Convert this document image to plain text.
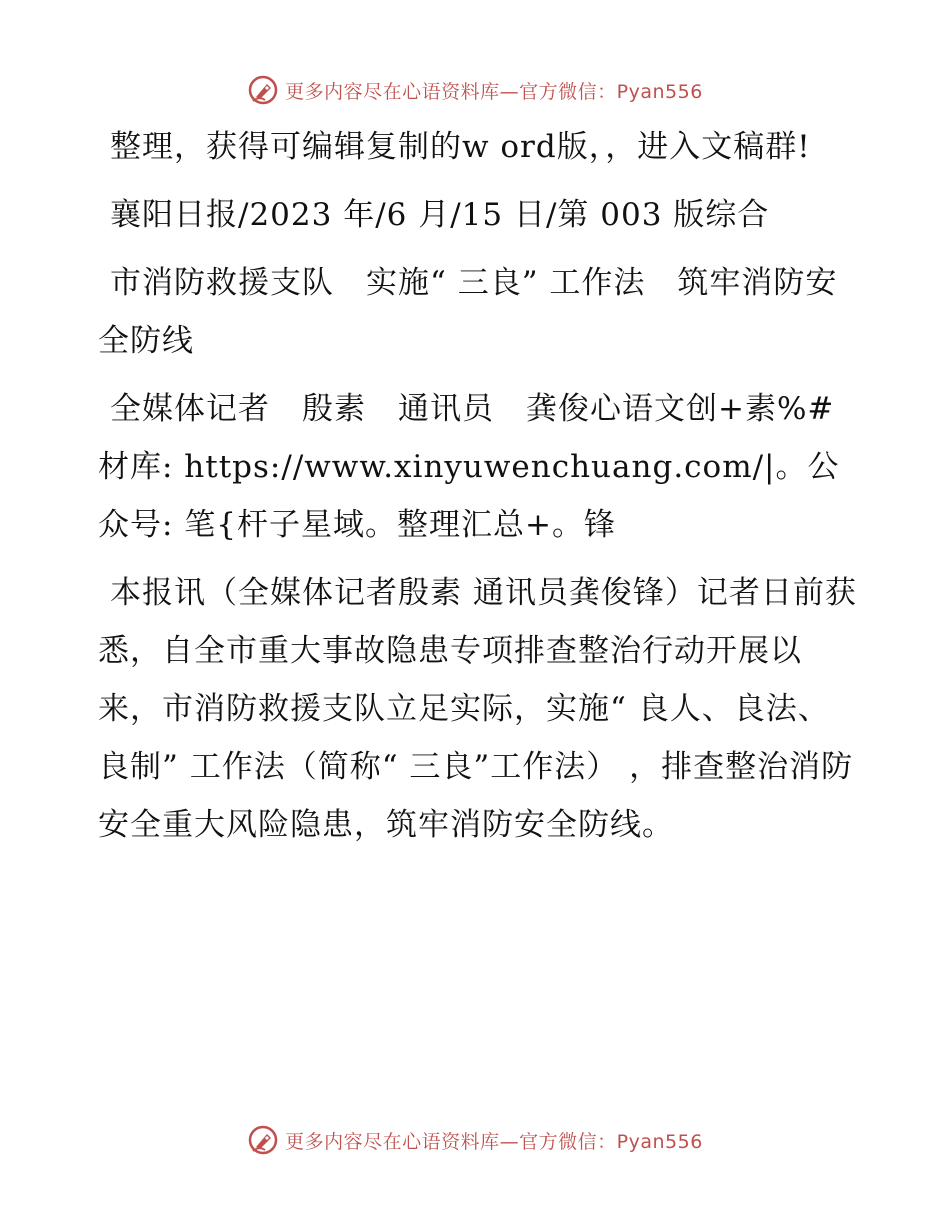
更多内容尽在心语资料库—官方微信：Pyan556

整理，获得可编辑复制的w ord版，，进入文稿群!

襄阳日报/2023 年/6 月/15 日/第 003 版综合

市消防救援支队　实施“ 三良” 工作法　筑牢消防安全防线

全媒体记者　殷素　通讯员　龚俊心语文创+素%#材库: https://www.xinyuwenchuang.com/|。公众号: 笔{杆子星域。整理汇总+。锋

本报讯（全媒体记者殷素 通讯员龚俊锋）记者日前获悉，自全市重大事故隐患专项排查整治行动开展以来，市消防救援支队立足实际，实施“ 良人、良法、良制” 工作法（简称“ 三良”工作法） ，排查整治消防安全重大风险隐患，筑牢消防安全防线。

更多内容尽在心语资料库—官方微信：Pyan556
